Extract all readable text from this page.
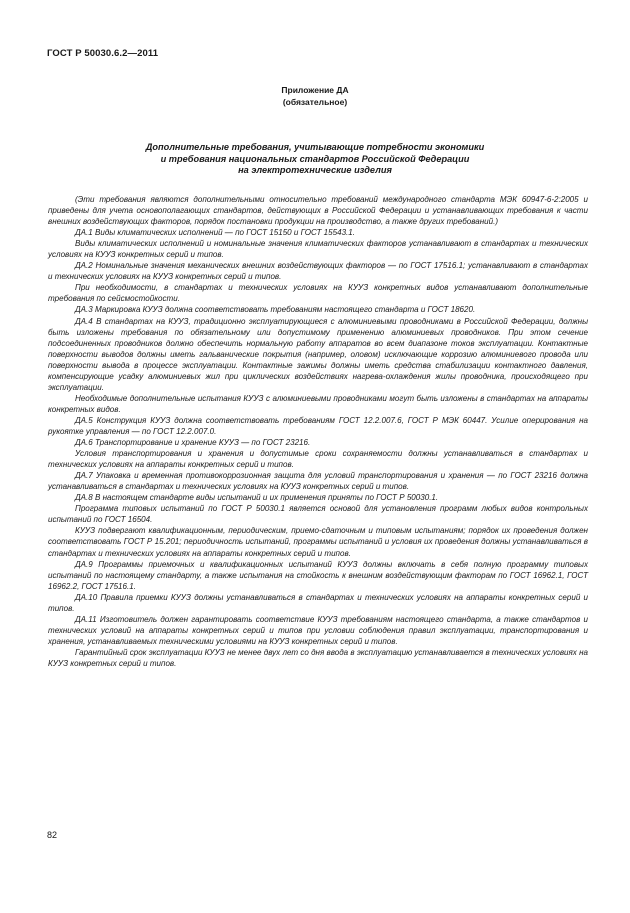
ГОСТ Р 50030.6.2—2011
Приложение ДА
(обязательное)
Дополнительные требования, учитывающие потребности экономики
и требования национальных стандартов Российской Федерации
на электротехнические изделия

(Эти требования являются дополнительными относительно требований международного стандарта МЭК 60947-6-2:2005 и приведены для учета основополагающих стандартов, действующих в Российской Федерации и устанавливающих требования к части внешних воздействующих факторов, порядок постановки продукции на производство, а также других требований.)

ДА.1 Виды климатических исполнений — по ГОСТ 15150 и ГОСТ 15543.1.

Виды климатических исполнений и номинальные значения климатических факторов устанавливают в стандартах и технических условиях на КУУЗ конкретных серий и типов.

ДА.2 Номинальные значения механических внешних воздействующих факторов — по ГОСТ 17516.1; устанавливают в стандартах и технических условиях на КУУЗ конкретных серий и типов.

При необходимости, в стандартах и технических условиях на КУУЗ конкретных видов устанавливают дополнительные требования по сейсмостойкости.

ДА.3 Маркировка КУУЗ должна соответствовать требованиям настоящего стандарта и ГОСТ 18620.

ДА.4 В стандартах на КУУЗ, традиционно эксплуатирующиеся с алюминиевыми проводниками в Российской Федерации, должны быть изложены требования по обязательному или допустимому применению алюминиевых проводников. При этом сечение подсоединенных проводников должно обеспечить нормальную работу аппаратов во всем диапазоне токов эксплуатации. Контактные поверхности выводов должны иметь гальванические покрытия (например, оловом) исключающие коррозию алюминиевого провода или поверхности вывода в процессе эксплуатации. Контактные зажимы должны иметь средства стабилизации контактного давления, компенсирующие усадку алюминиевых жил при циклических воздействиях нагрева-охлаждения жилы проводника, происходящего при эксплуатации.

Необходимые дополнительные испытания КУУЗ с алюминиевыми проводниками могут быть изложены в стандартах на аппараты конкретных видов.

ДА.5 Конструкция КУУЗ должна соответствовать требованиям ГОСТ 12.2.007.6, ГОСТ Р МЭК 60447. Усилие оперирования на рукоятке управления — по ГОСТ 12.2.007.0.

ДА.6 Транспортирование и хранение КУУЗ — по ГОСТ 23216.

Условия транспортирования и хранения и допустимые сроки сохраняемости должны устанавливаться в стандартах и технических условиях на аппараты конкретных серий и типов.

ДА.7 Упаковка и временная противокоррозионная защита для условий транспортирования и хранения — по ГОСТ 23216 должна устанавливаться в стандартах и технических условиях на КУУЗ конкретных серий и типов.

ДА.8 В настоящем стандарте виды испытаний и их применения приняты по ГОСТ Р 50030.1.

Программа типовых испытаний по ГОСТ Р 50030.1 является основой для установления программ любых видов контрольных испытаний по ГОСТ 16504.

КУУЗ подвергают квалификационным, периодическим, приемо-сдаточным и типовым испытаниям; порядок их проведения должен соответствовать ГОСТ Р 15.201; периодичность испытаний, программы испытаний и условия их проведения должны устанавливаться в стандартах и технических условиях на аппараты конкретных серий и типов.

ДА.9 Программы приемочных и квалификационных испытаний КУУЗ должны включать в себя полную программу типовых испытаний по настоящему стандарту, а также испытания на стойкость к внешним воздействующим факторам по ГОСТ 16962.1, ГОСТ 16962.2, ГОСТ 17516.1.

ДА.10 Правила приемки КУУЗ должны устанавливаться в стандартах и технических условиях на аппараты конкретных серий и типов.

ДА.11 Изготовитель должен гарантировать соответствие КУУЗ требованиям настоящего стандарта, а также стандартов и технических условий на аппараты конкретных серий и типов при условии соблюдения правил эксплуатации, транспортирования и хранения, устанавливаемых техническими условиями на КУУЗ конкретных серий и типов.

Гарантийный срок эксплуатации КУУЗ не менее двух лет со дня ввода в эксплуатацию устанавливается в технических условиях на КУУЗ конкретных серий и типов.

82
